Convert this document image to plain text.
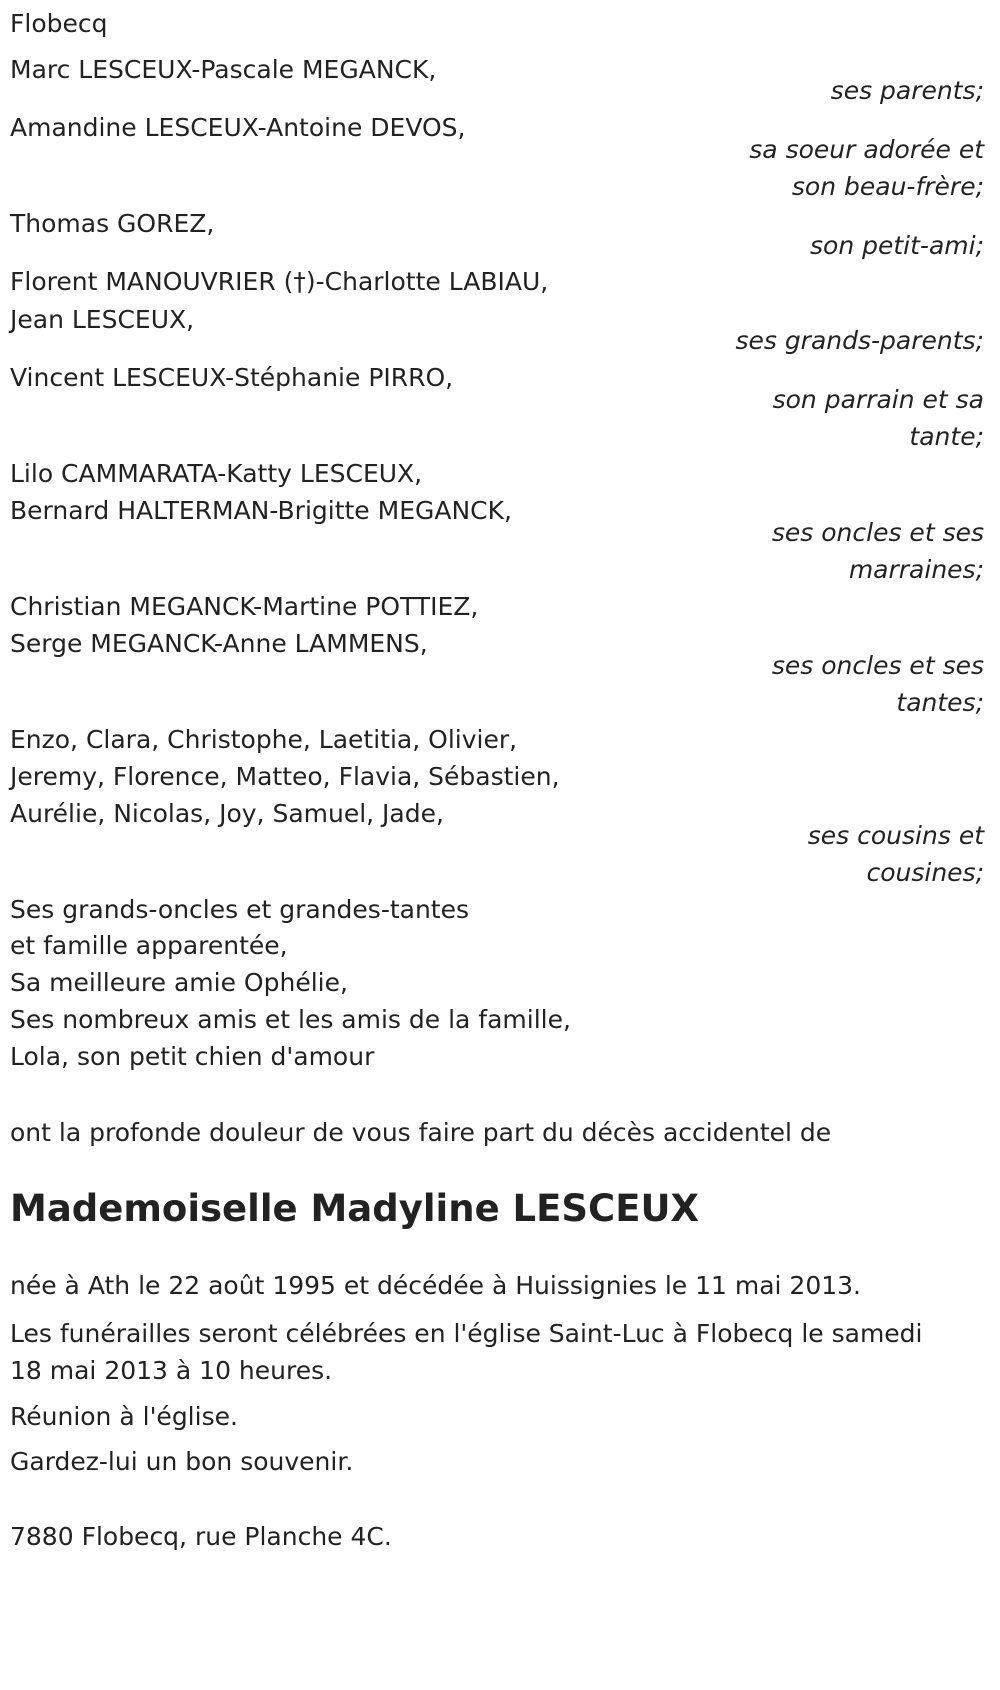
Flobecq
Marc LESCEUX-Pascale MEGANCK,
ses parents;
Amandine LESCEUX-Antoine DEVOS,
sa soeur adorée et
son beau-frère;
Thomas GOREZ,
son petit-ami;
Florent MANOUVRIER (†)-Charlotte LABIAU,
Jean LESCEUX,
ses grands-parents;
Vincent LESCEUX-Stéphanie PIRRO,
son parrain et sa
tante;
Lilo CAMMARATA-Katty LESCEUX,
Bernard HALTERMAN-Brigitte MEGANCK,
ses oncles et ses
marraines;
Christian MEGANCK-Martine POTTIEZ,
Serge MEGANCK-Anne LAMMENS,
ses oncles et ses
tantes;
Enzo, Clara, Christophe, Laetitia, Olivier,
Jeremy, Florence, Matteo, Flavia, Sébastien,
Aurélie, Nicolas, Joy, Samuel, Jade,
ses cousins et
cousines;
Ses grands-oncles et grandes-tantes
et famille apparentée,
Sa meilleure amie Ophélie,
Ses nombreux amis et les amis de la famille,
Lola, son petit chien d'amour
ont la profonde douleur de vous faire part du décès accidentel de
Mademoiselle Madyline LESCEUX
née à Ath le 22 août 1995 et décédée à Huissignies le 11 mai 2013.
Les funérailles seront célébrées en l'église Saint-Luc à Flobecq le samedi
18 mai 2013 à 10 heures.
Réunion à l'église.
Gardez-lui un bon souvenir.
7880 Flobecq, rue Planche 4C.
